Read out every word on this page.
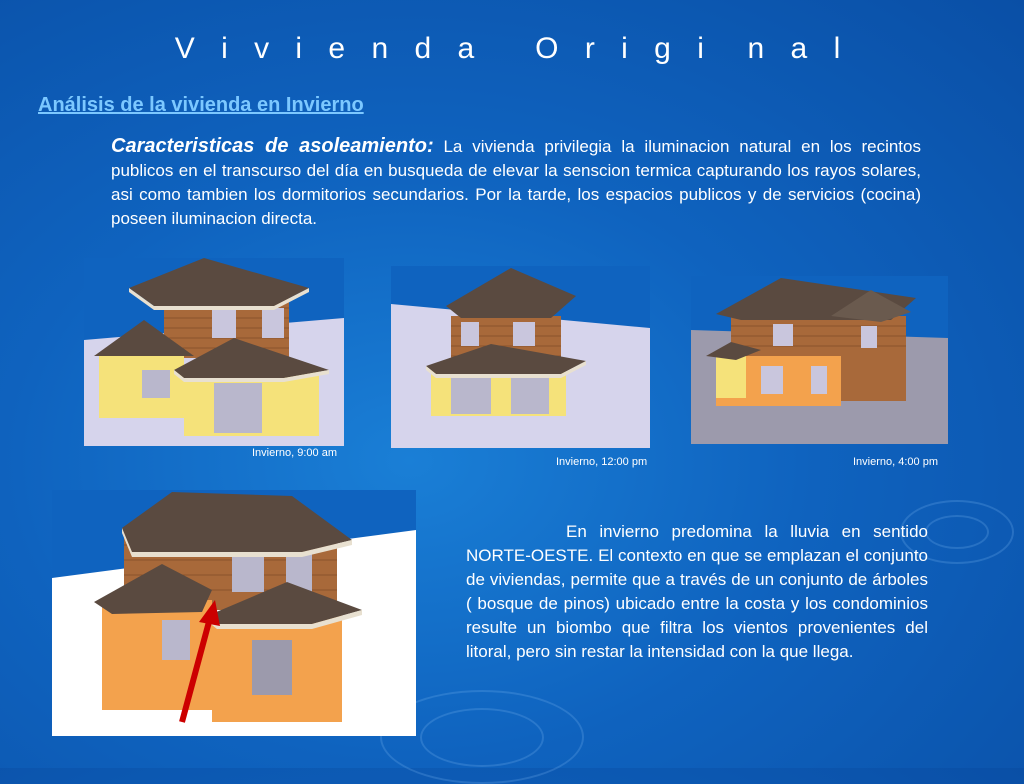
V i v i e n d a   O r i g i  n a l
Análisis de la vivienda en Invierno
Caracteristicas de asoleamiento: La vivienda privilegia la iluminacion natural en los recintos publicos en el transcurso del día en busqueda de elevar la senscion termica capturando los rayos solares, asi como tambien los dormitorios secundarios. Por la tarde, los espacios publicos y de servicios (cocina) poseen iluminacion directa.
Invierno, 9:00 am
Invierno, 12:00 pm	Invierno, 4:00 pm
En invierno predomina la lluvia en sentido NORTE-OESTE. El contexto en que se emplazan el conjunto de viviendas, permite que a través de un conjunto de árboles ( bosque de pinos) ubicado entre la costa y los condominios resulte un biombo que filtra los vientos provenientes del litoral, pero sin restar la intensidad con la que llega.
